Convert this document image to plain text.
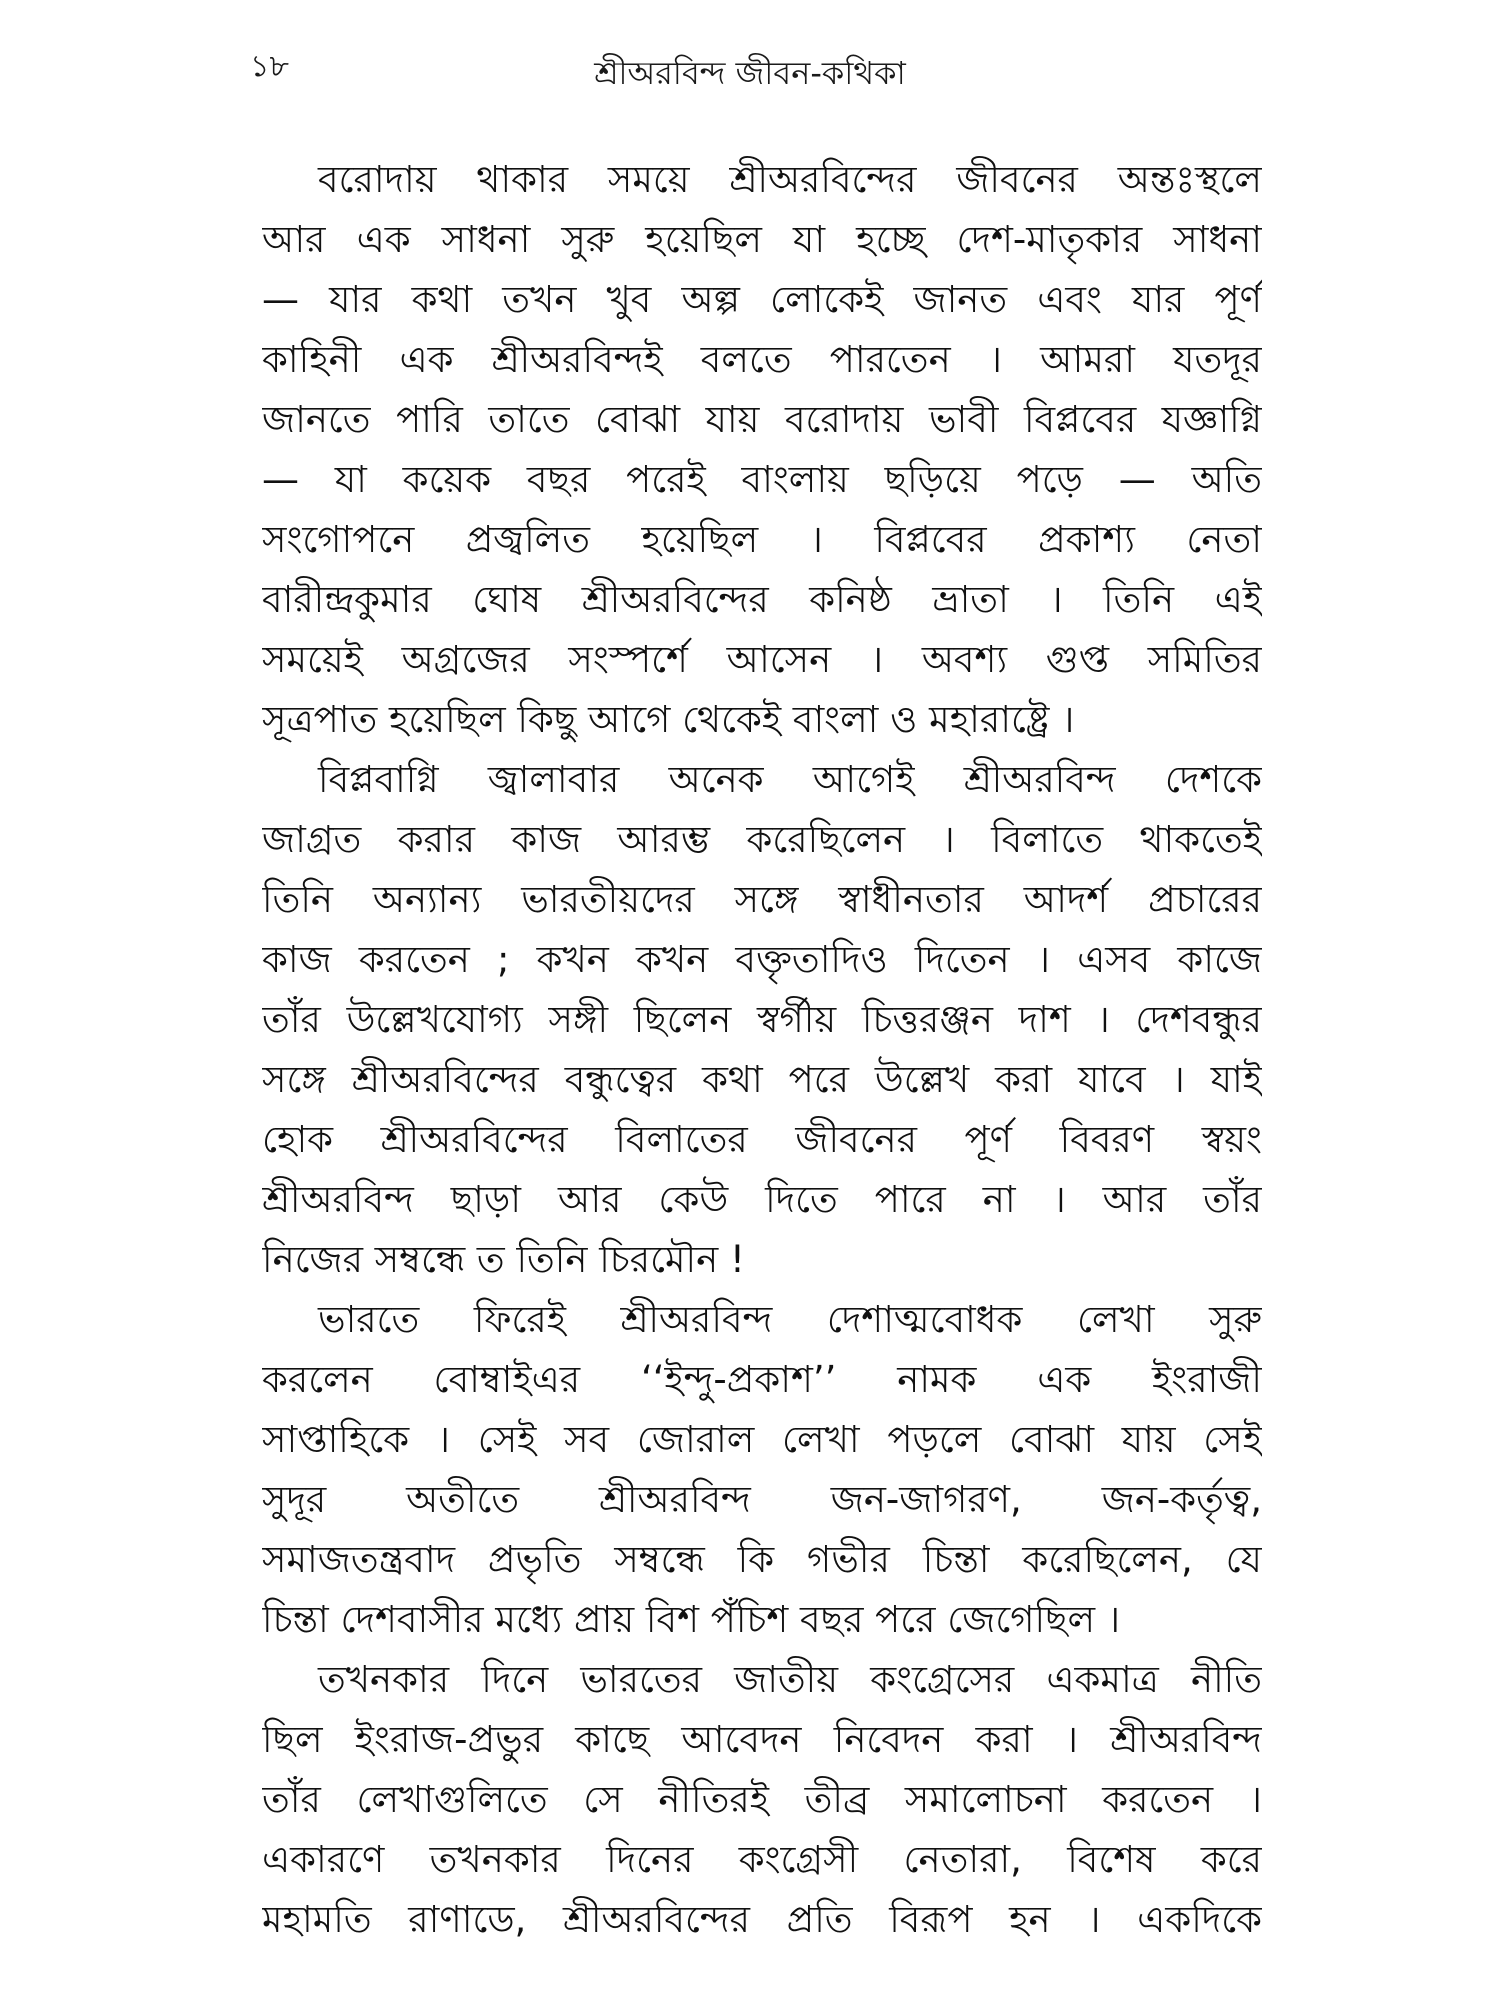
১৮	শ্রীঅরবিন্দ জীবন-কথিকা
বরোদায় থাকার সময়ে শ্রীঅরবিন্দের জীবনের অন্তঃস্থলে
আর এক সাধনা সুরু হয়েছিল যা হচ্ছে দেশ-মাতৃকার সাধনা
— যার কথা তখন খুব অল্প লোকেই জানত এবং যার পূর্ণ
কাহিনী এক শ্রীঅরবিন্দই বলতে পারতেন । আমরা যতদূর
জানতে পারি তাতে বোঝা যায় বরোদায় ভাবী বিপ্লবের যজ্ঞাগ্নি
— যা কয়েক বছর পরেই বাংলায় ছড়িয়ে পড়ে — অতি
সংগোপনে প্রজ্বলিত হয়েছিল । বিপ্লবের প্রকাশ্য নেতা
বারীন্দ্রকুমার ঘোষ শ্রীঅরবিন্দের কনিষ্ঠ ভ্রাতা । তিনি এই
সময়েই অগ্রজের সংস্পর্শে আসেন । অবশ্য গুপ্ত সমিতির
সূত্রপাত হয়েছিল কিছু আগে থেকেই বাংলা ও মহারাষ্ট্রে ।
বিপ্লবাগ্নি জ্বালাবার অনেক আগেই শ্রীঅরবিন্দ দেশকে
জাগ্রত করার কাজ আরম্ভ করেছিলেন । বিলাতে থাকতেই
তিনি অন্যান্য ভারতীয়দের সঙ্গে স্বাধীনতার আদর্শ প্রচারের
কাজ করতেন ; কখন কখন বক্তৃতাদিও দিতেন । এসব কাজে
তাঁর উল্লেখযোগ্য সঙ্গী ছিলেন স্বর্গীয় চিত্তরঞ্জন দাশ । দেশবন্ধুর
সঙ্গে শ্রীঅরবিন্দের বন্ধুত্বের কথা পরে উল্লেখ করা যাবে । যাই
হোক শ্রীঅরবিন্দের বিলাতের জীবনের পূর্ণ বিবরণ স্বয়ং
শ্রীঅরবিন্দ ছাড়া আর কেউ দিতে পারে না । আর তাঁর
নিজের সম্বন্ধে ত তিনি চিরমৌন !
ভারতে ফিরেই শ্রীঅরবিন্দ দেশাত্মবোধক লেখা সুরু
করলেন বোম্বাইএর ‘‘ইন্দু-প্রকাশ’’ নামক এক ইংরাজী
সাপ্তাহিকে । সেই সব জোরাল লেখা পড়লে বোঝা যায় সেই
সুদূর অতীতে শ্রীঅরবিন্দ জন-জাগরণ, জন-কর্তৃত্ব,
সমাজতন্ত্রবাদ প্রভৃতি সম্বন্ধে কি গভীর চিন্তা করেছিলেন, যে
চিন্তা দেশবাসীর মধ্যে প্রায় বিশ পঁচিশ বছর পরে জেগেছিল ।
তখনকার দিনে ভারতের জাতীয় কংগ্রেসের একমাত্র নীতি
ছিল ইংরাজ-প্রভুর কাছে আবেদন নিবেদন করা । শ্রীঅরবিন্দ
তাঁর লেখাগুলিতে সে নীতিরই তীব্র সমালোচনা করতেন ।
একারণে তখনকার দিনের কংগ্রেসী নেতারা, বিশেষ করে
মহামতি রাণাডে, শ্রীঅরবিন্দের প্রতি বিরূপ হন । একদিকে
